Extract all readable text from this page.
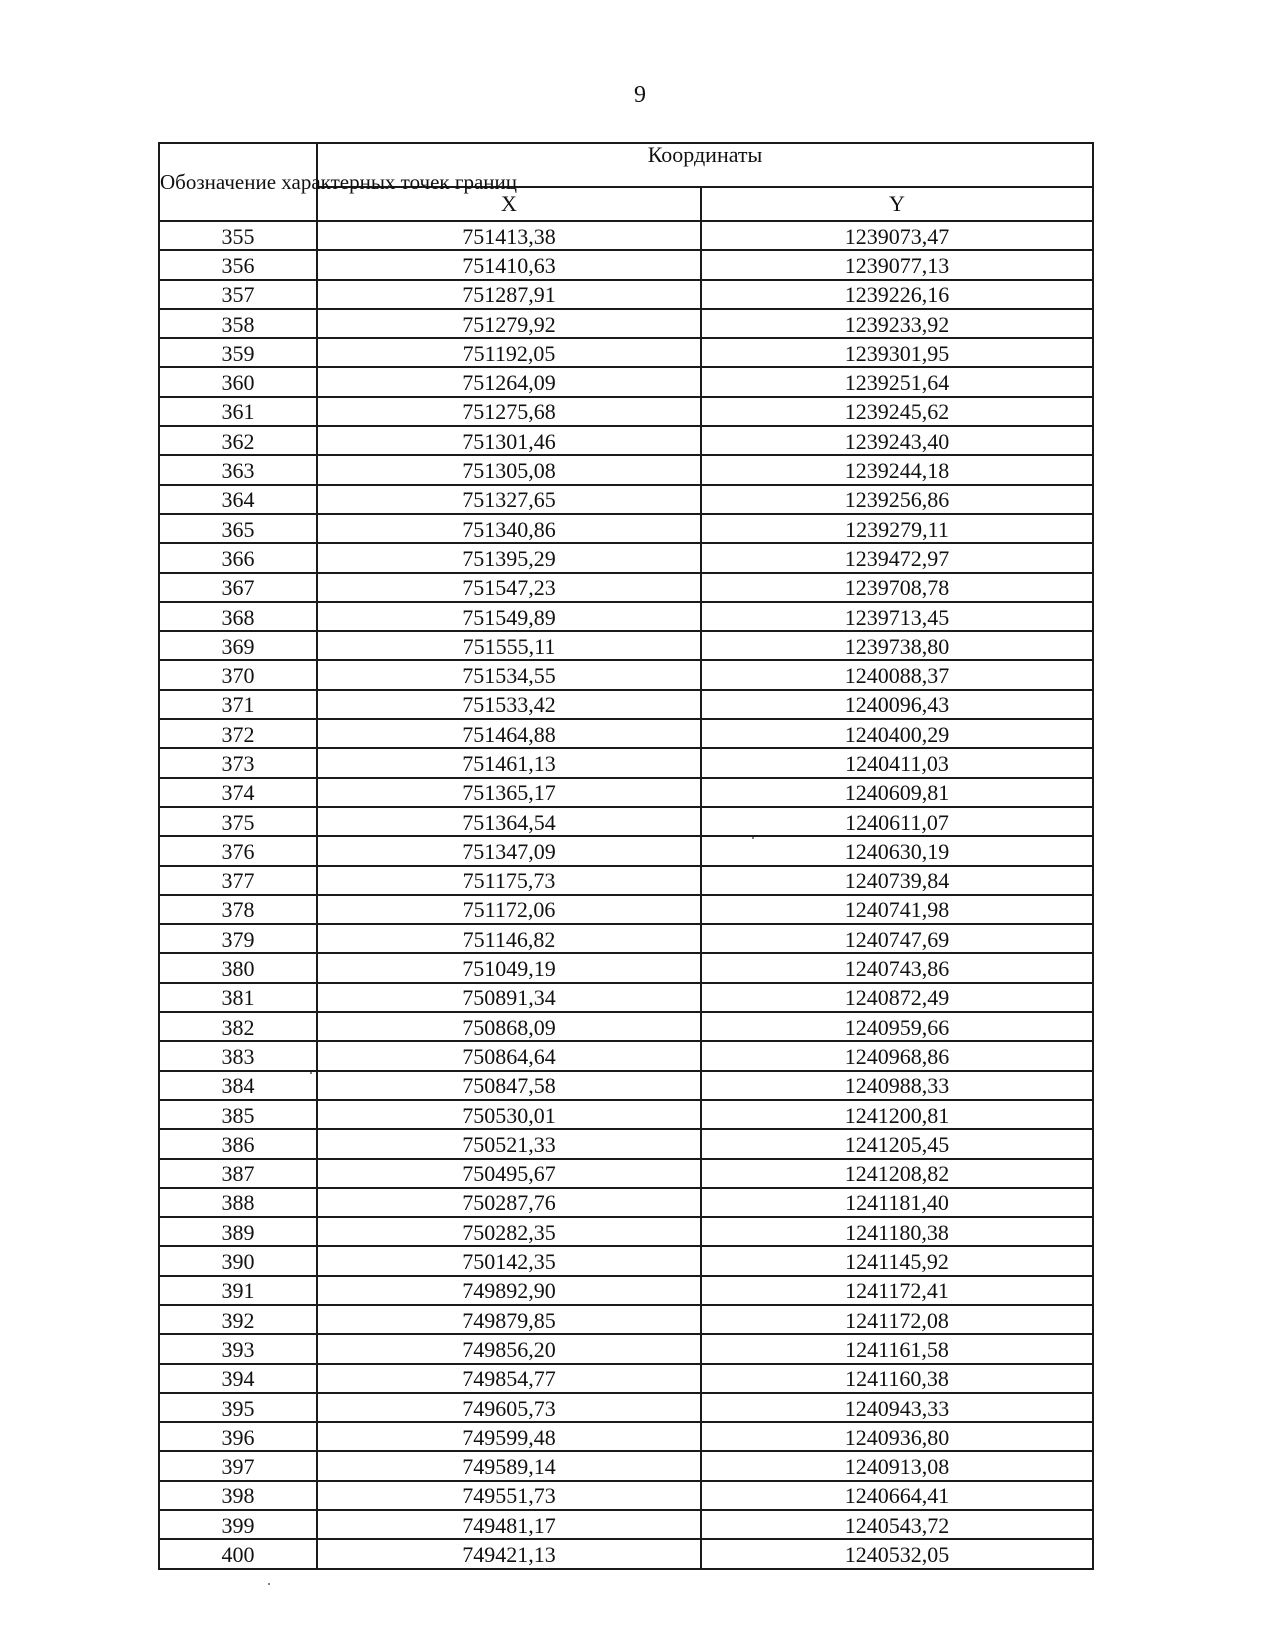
9
Обозначение характерных точек границ	Координаты	
	X	Y
355	751413,38	1239073,47
356	751410,63	1239077,13
357	751287,91	1239226,16
358	751279,92	1239233,92
359	751192,05	1239301,95
360	751264,09	1239251,64
361	751275,68	1239245,62
362	751301,46	1239243,40
363	751305,08	1239244,18
364	751327,65	1239256,86
365	751340,86	1239279,11
366	751395,29	1239472,97
367	751547,23	1239708,78
368	751549,89	1239713,45
369	751555,11	1239738,80
370	751534,55	1240088,37
371	751533,42	1240096,43
372	751464,88	1240400,29
373	751461,13	1240411,03
374	751365,17	1240609,81
375	751364,54	1240611,07
376	751347,09	1240630,19
377	751175,73	1240739,84
378	751172,06	1240741,98
379	751146,82	1240747,69
380	751049,19	1240743,86
381	750891,34	1240872,49
382	750868,09	1240959,66
383	750864,64	1240968,86
384	750847,58	1240988,33
385	750530,01	1241200,81
386	750521,33	1241205,45
387	750495,67	1241208,82
388	750287,76	1241181,40
389	750282,35	1241180,38
390	750142,35	1241145,92
391	749892,90	1241172,41
392	749879,85	1241172,08
393	749856,20	1241161,58
394	749854,77	1241160,38
395	749605,73	1240943,33
396	749599,48	1240936,80
397	749589,14	1240913,08
398	749551,73	1240664,41
399	749481,17	1240543,72
400	749421,13	1240532,05
